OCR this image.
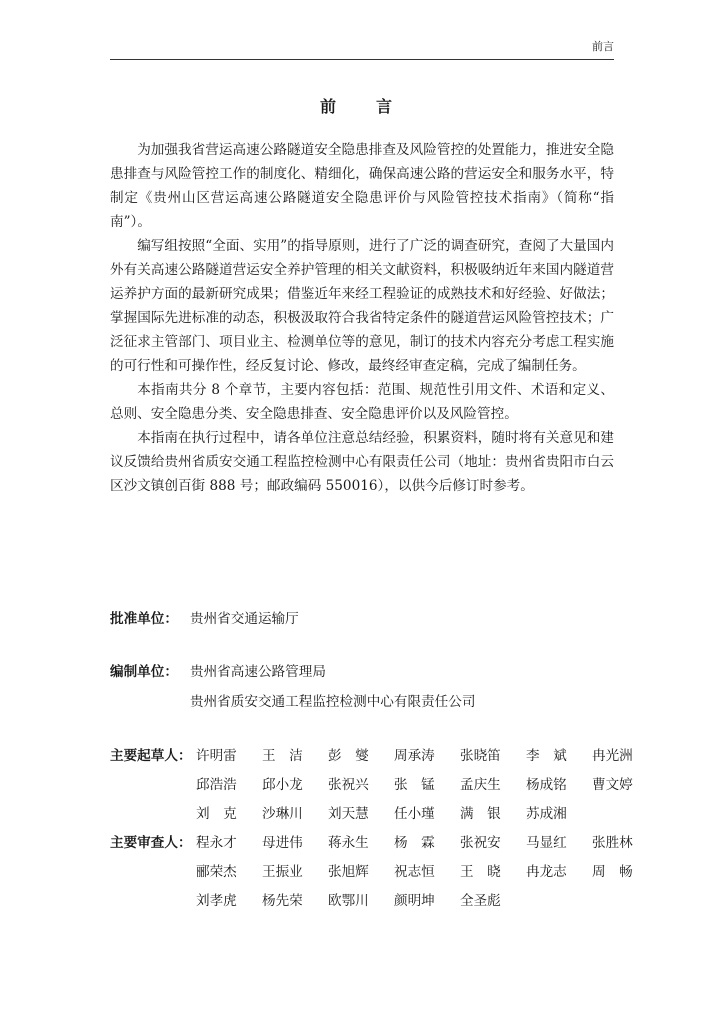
前言
前　言

为加强我省营运高速公路隧道安全隐患排查及风险管控的处置能力，推进安全隐患排查与风险管控工作的制度化、精细化，确保高速公路的营运安全和服务水平，特制定《贵州山区营运高速公路隧道安全隐患评价与风险管控技术指南》（简称“指南”）。

编写组按照“全面、实用”的指导原则，进行了广泛的调查研究，查阅了大量国内外有关高速公路隧道营运安全养护管理的相关文献资料，积极吸纳近年来国内隧道营运养护方面的最新研究成果；借鉴近年来经工程验证的成熟技术和好经验、好做法；掌握国际先进标准的动态，积极汲取符合我省特定条件的隧道营运风险管控技术；广泛征求主管部门、项目业主、检测单位等的意见，制订的技术内容充分考虑工程实施的可行性和可操作性，经反复讨论、修改，最终经审查定稿，完成了编制任务。

本指南共分 8 个章节，主要内容包括：范围、规范性引用文件、术语和定义、总则、安全隐患分类、安全隐患排查、安全隐患评价以及风险管控。

本指南在执行过程中，请各单位注意总结经验，积累资料，随时将有关意见和建议反馈给贵州省质安交通工程监控检测中心有限责任公司（地址：贵州省贵阳市白云区沙文镇创百街 888 号；邮政编码 550016），以供今后修订时参考。

批准单位： 贵州省交通运输厅
编制单位： 贵州省高速公路管理局
贵州省质安交通工程监控检测中心有限责任公司
主要起草人： 许明雷	王　洁	彭　燮	周承涛	张晓笛	李　斌	冉光洲
邱浩浩	邱小龙	张祝兴	张　锰	孟庆生	杨成铭	曹文婷
刘　克	沙琳川	刘天慧	任小瑾	满　银	苏成湘
主要审查人： 程永才	母进伟	蒋永生	杨　霖	张祝安	马显红	张胜林
郦荣杰	王振业	张旭辉	祝志恒	王　晓	冉龙志	周　畅
刘孝虎	杨先荣	欧鄂川	颜明坤	全圣彪
